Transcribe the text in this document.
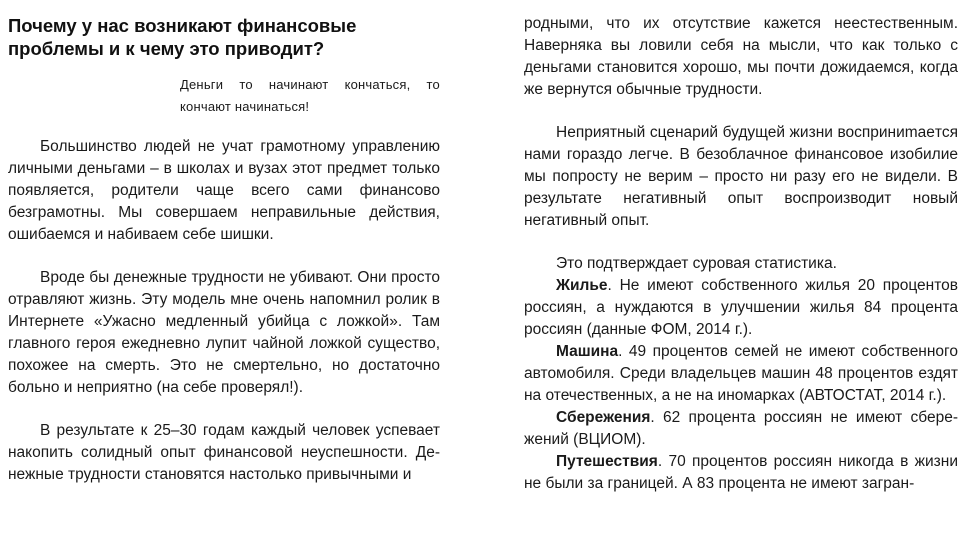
Почему у нас возникают финансовые проблемы и к чему это приводит?

Деньги то начинают кончаться, то кончают начинаться!

Большинство людей не учат грамотному управлению личными деньгами – в школах и вузах этот предмет только появляется, родители чаще всего сами финансово безграмотны. Мы совершаем неправильные действия, ошибаемся и набиваем себе шишки.

Вроде бы денежные трудности не убивают. Они просто отравляют жизнь. Эту модель мне очень напомнил ролик в Интернете «Ужасно медленный убийца с ложкой». Там главного героя ежедневно лупит чайной ложкой существо, похожее на смерть. Это не смертельно, но достаточно больно и неприятно (на себе проверял!).

В результате к 25–30 годам каждый человек успевает накопить солидный опыт финансовой неуспешности. Денежные трудности становятся настолько привычными и

родными, что их отсутствие кажется неестественным. Наверняка вы ловили себя на мысли, что как только с деньгами становится хорошо, мы почти дожидаемся, когда же вернутся обычные трудности.

Неприятный сценарий будущей жизни восприниmaeтся нами гораздо легче. В безоблачное финансовое изобилие мы попросту не верим – просто ни разу его не видели. В результате негативный опыт воспроизводит новый негативный опыт.

Это подтверждает суровая статистика.

Жилье. Не имеют собственного жилья 20 процентов россиян, а нуждаются в улучшении жилья 84 процента россиян (данные ФОМ, 2014 г.).

Машина. 49 процентов семей не имеют собственного автомобиля. Среди владельцев машин 48 процентов ездят на отечественных, а не на иномарках (АВТОСТАТ, 2014 г.).

Сбережения. 62 процента россиян не имеют сбережений (ВЦИОМ).

Путешествия. 70 процентов россиян никогда в жизни не были за границей. А 83 процента не имеют загран-
